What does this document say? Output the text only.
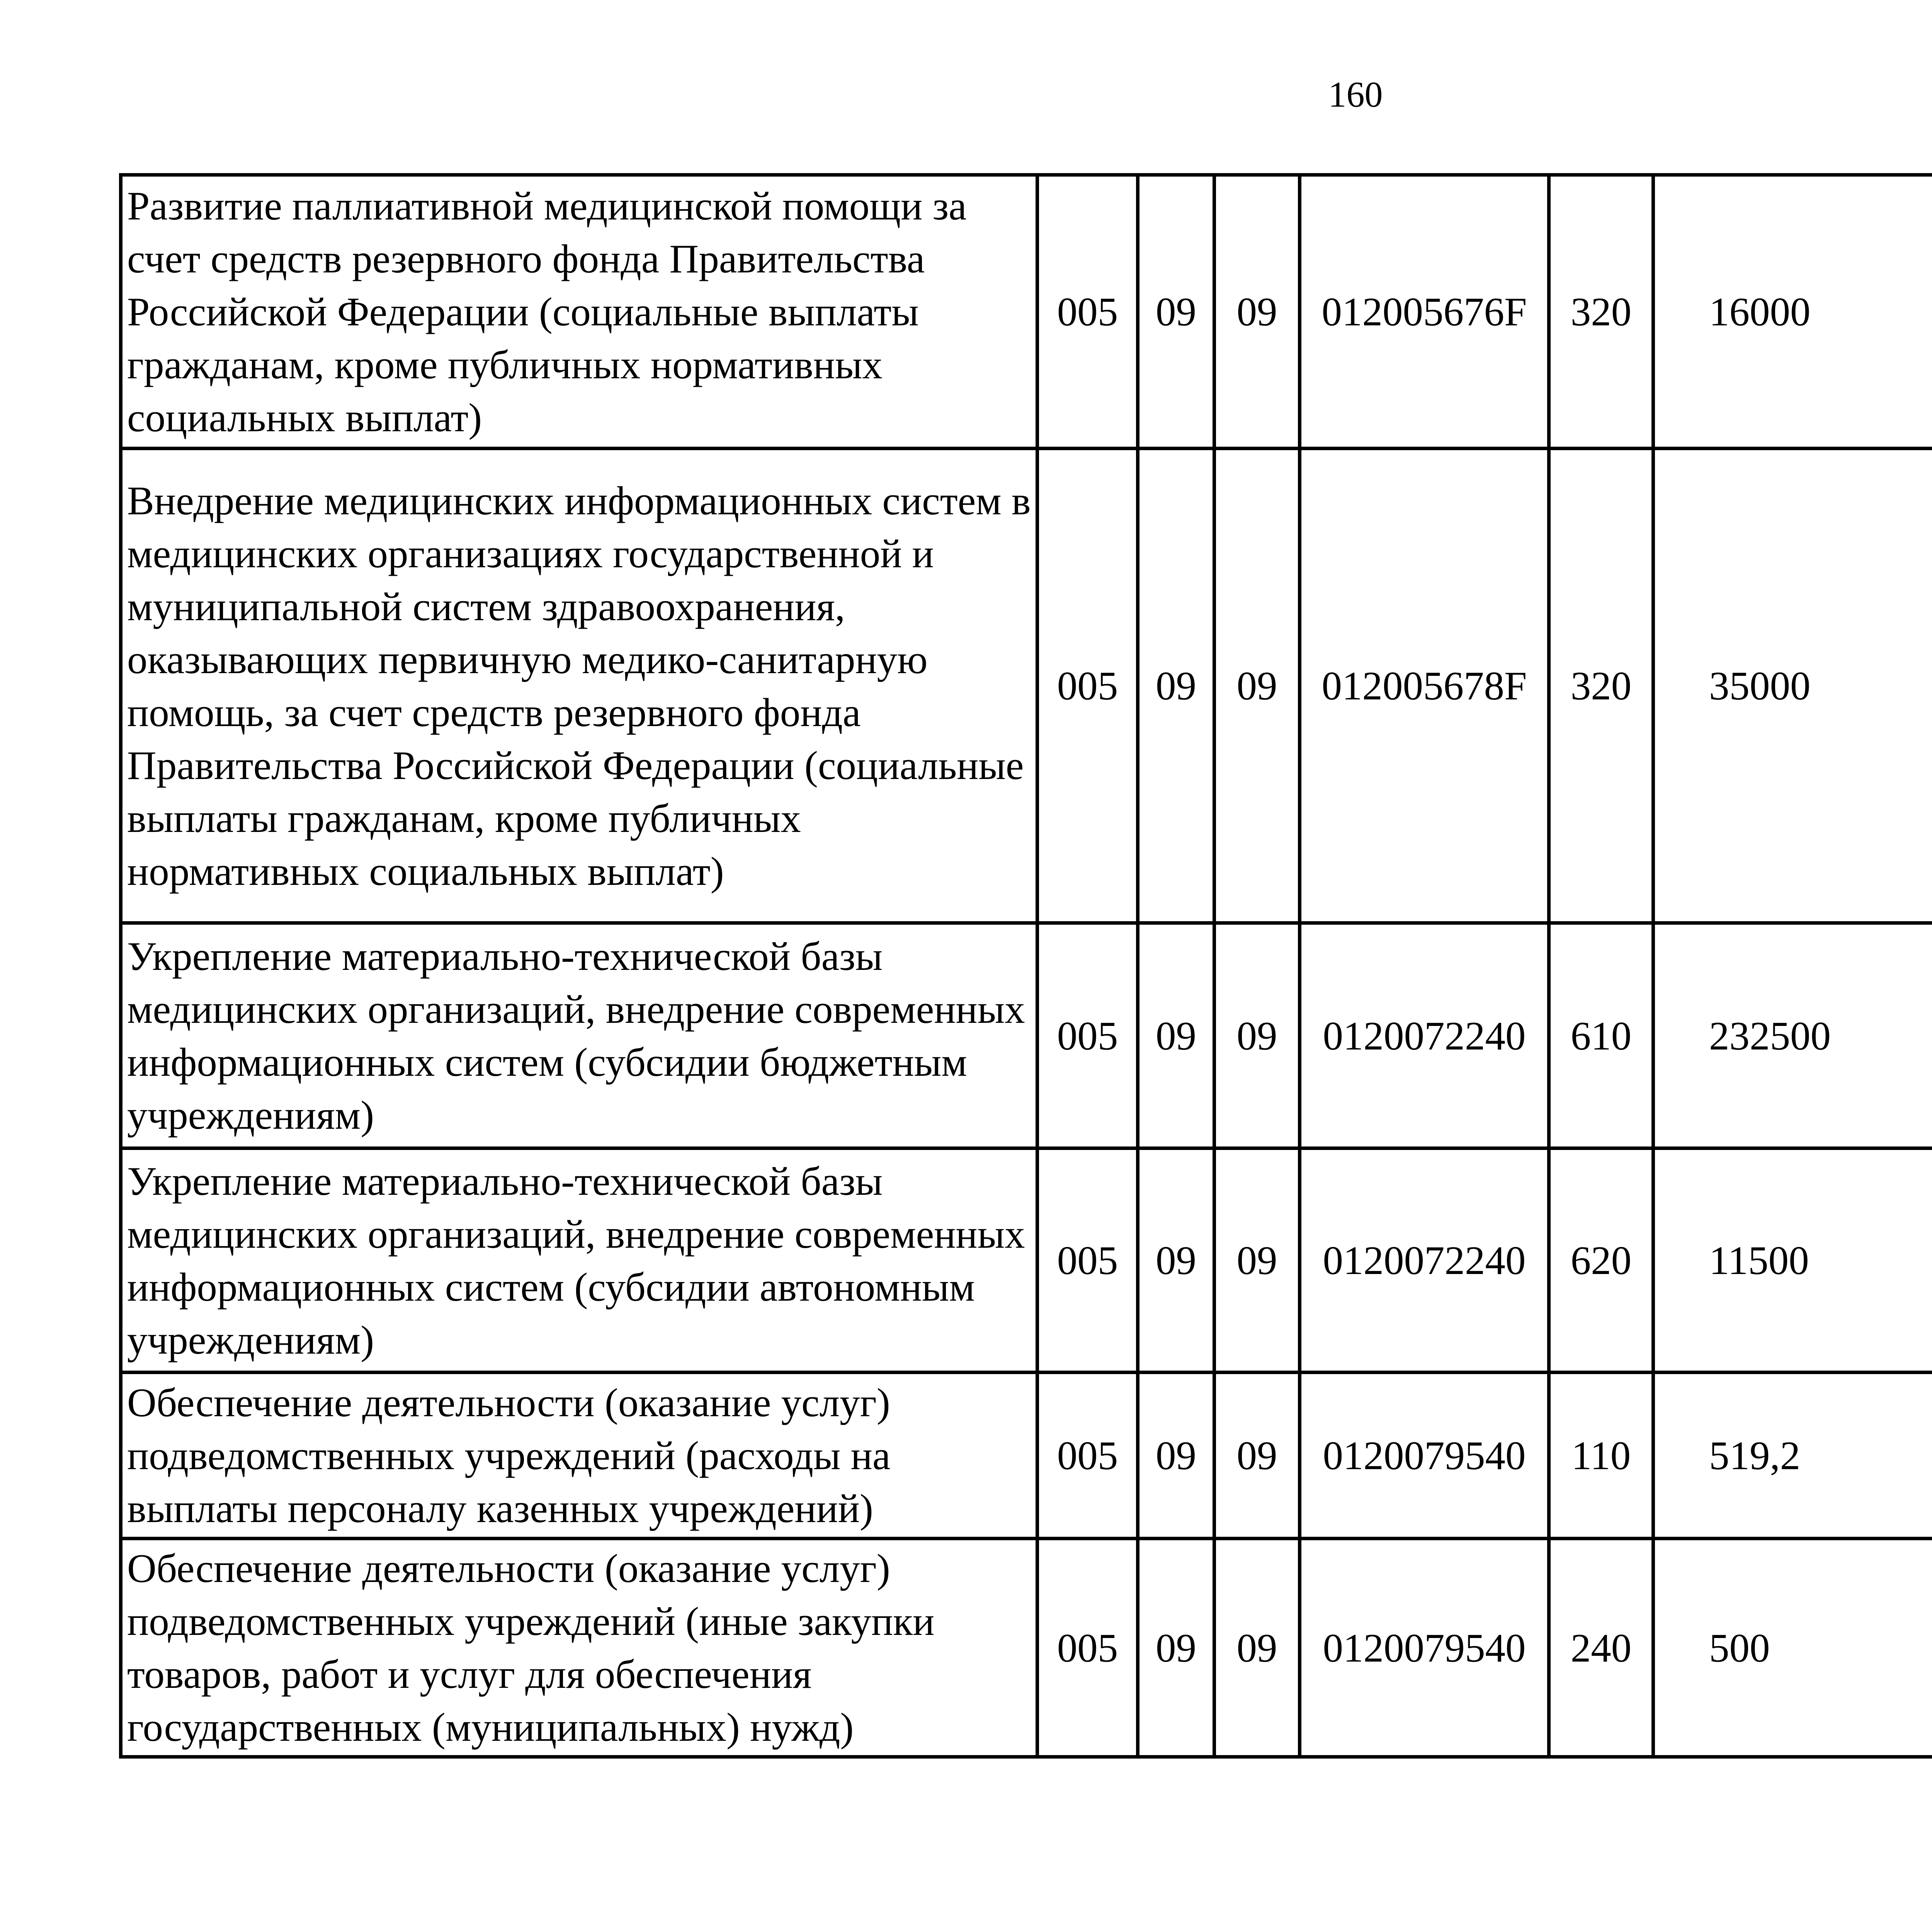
160
Развитие паллиативной медицинской помощи за счет средств резервного фонда Правительства Российской Федерации (социальные выплаты гражданам, кроме публичных нормативных социальных выплат)	005	09	09	012005676F	320	16000		
Внедрение медицинских информационных систем в медицинских организациях государственной и муниципальной систем здравоохранения, оказывающих первичную медико-санитарную помощь, за счет средств резервного фонда Правительства Российской Федерации (социальные выплаты гражданам, кроме публичных нормативных социальных выплат)	005	09	09	012005678F	320	35000		
Укрепление материально-технической базы медицинских организаций, внедрение современных информационных систем (субсидии бюджетным учреждениям)	005	09	09	0120072240	610	232500		
Укрепление материально-технической базы медицинских организаций, внедрение современных информационных систем (субсидии автономным учреждениям)	005	09	09	0120072240	620	11500		
Обеспечение деятельности (оказание услуг) подведомственных учреждений (расходы на выплаты персоналу казенных учреждений)	005	09	09	0120079540	110	519,2		
Обеспечение деятельности (оказание услуг) подведомственных учреждений (иные закупки товаров, работ и услуг для обеспечения государственных (муниципальных) нужд)	005	09	09	0120079540	240	500		
